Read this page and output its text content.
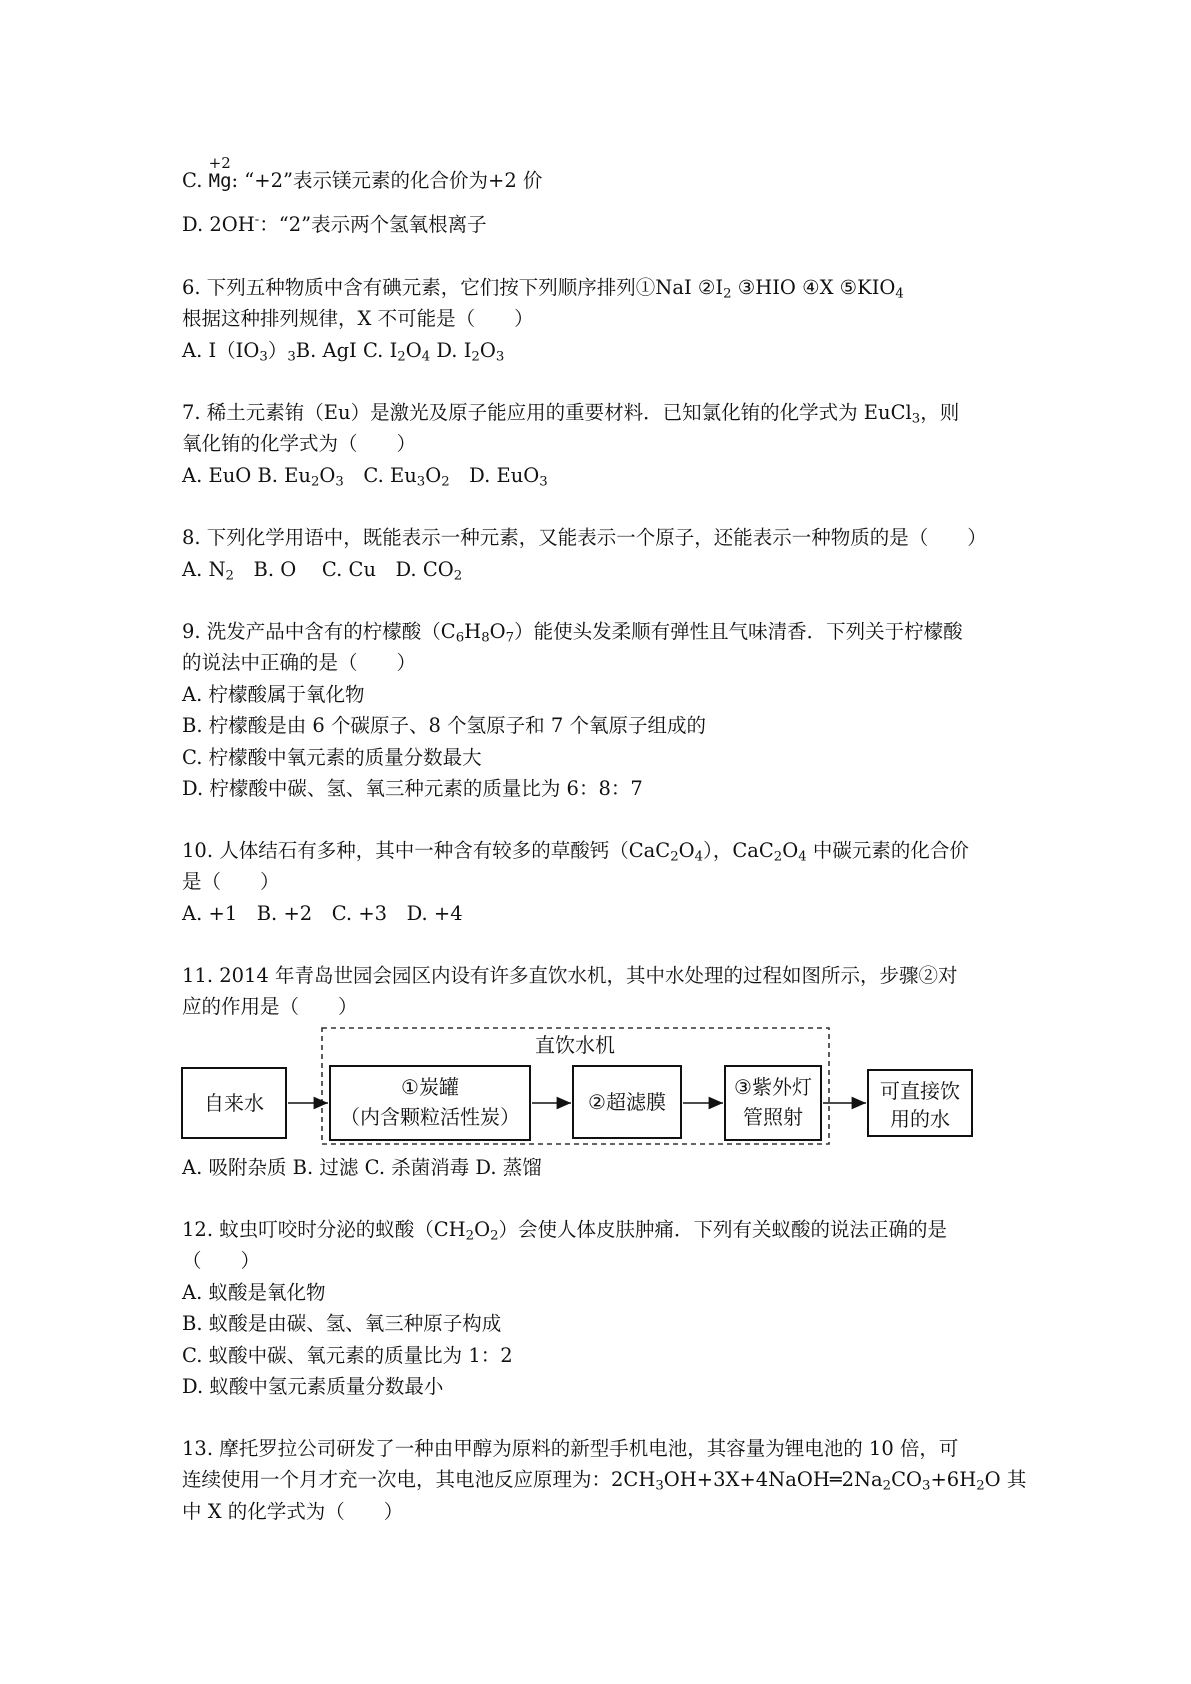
C.
+2
Mg: “+2”表示镁元素的化合价为+2 价
D. 2OH-：“2”表示两个氢氧根离子
6. 下列五种物质中含有碘元素，它们按下列顺序排列①NaI ②I2 ③HIO ④X ⑤KIO4
根据这种排列规律，X 不可能是（　　）
A. I（IO3）3B. AgI C. I2O4 D. I2O3
7. 稀土元素铕（Eu）是激光及原子能应用的重要材料．已知氯化铕的化学式为 EuCl3，则
氧化铕的化学式为（　　）
A. EuO B. Eu2O3　C. Eu3O2　D. EuO3
8. 下列化学用语中，既能表示一种元素，又能表示一个原子，还能表示一种物质的是（　　）
A. N2　B. O　 C. Cu　D. CO2
9. 洗发产品中含有的柠檬酸（C6H8O7）能使头发柔顺有弹性且气味清香．下列关于柠檬酸
的说法中正确的是（　　）
A. 柠檬酸属于氧化物
B. 柠檬酸是由 6 个碳原子、8 个氢原子和 7 个氧原子组成的
C. 柠檬酸中氧元素的质量分数最大
D. 柠檬酸中碳、氢、氧三种元素的质量比为 6：8：7
10. 人体结石有多种，其中一种含有较多的草酸钙（CaC2O4），CaC2O4 中碳元素的化合价
是（　　）
A. +1　B. +2　C. +3　D. +4
11. 2014 年青岛世园会园区内设有许多直饮水机，其中水处理的过程如图所示，步骤②对
应的作用是（　　）
直饮水机
自来水
①炭罐
（内含颗粒活性炭）
②超滤膜
③紫外灯
管照射
可直接饮
用的水
A. 吸附杂质 B. 过滤 C. 杀菌消毒 D. 蒸馏
12. 蚊虫叮咬时分泌的蚁酸（CH2O2）会使人体皮肤肿痛．下列有关蚁酸的说法正确的是
（　　）
A. 蚁酸是氧化物
B. 蚁酸是由碳、氢、氧三种原子构成
C. 蚁酸中碳、氧元素的质量比为 1：2
D. 蚁酸中氢元素质量分数最小
13. 摩托罗拉公司研发了一种由甲醇为原料的新型手机电池，其容量为锂电池的 10 倍，可
连续使用一个月才充一次电，其电池反应原理为：2CH3OH+3X+4NaOH═2Na2CO3+6H2O 其
中 X 的化学式为（　　）
